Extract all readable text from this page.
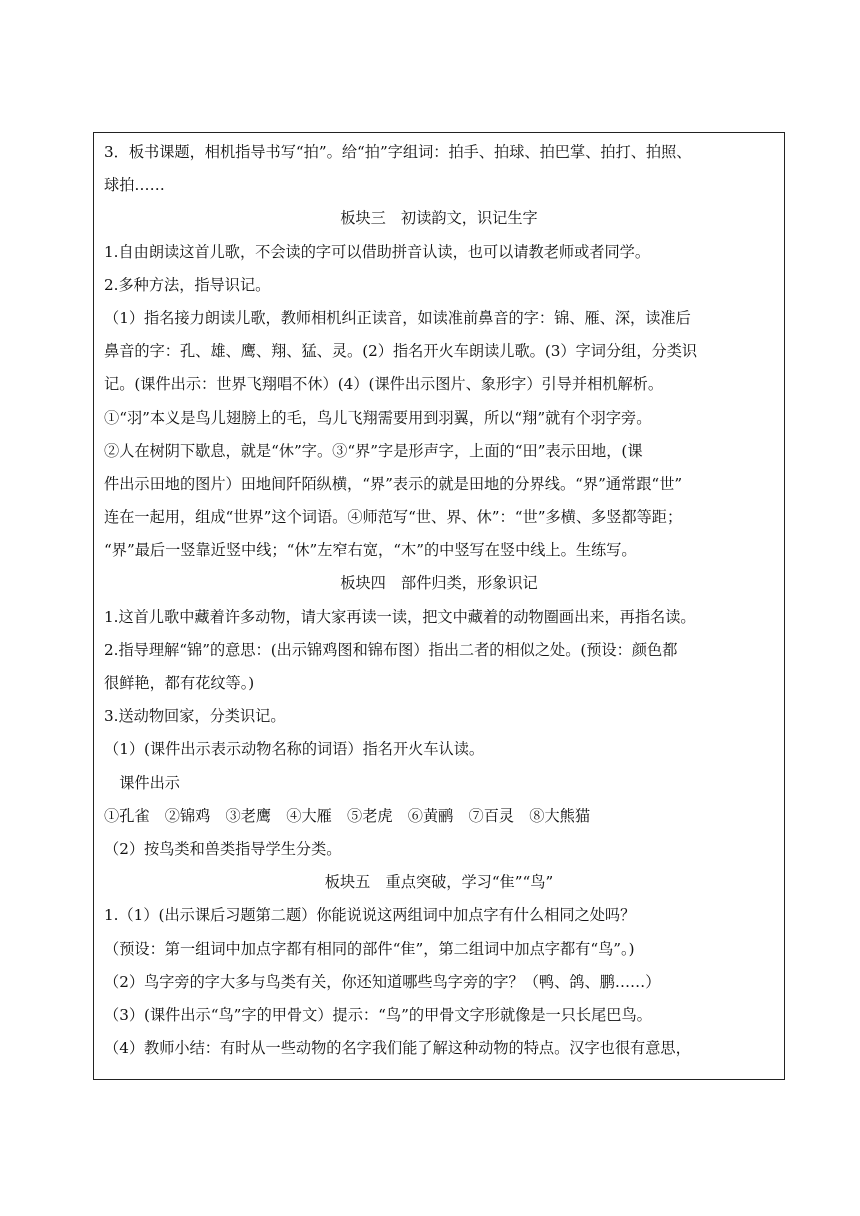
3．板书课题，相机指导书写“拍”。给“拍”字组词：拍手、拍球、拍巴掌、拍打、拍照、
球拍……
板块三　初读韵文，识记生字
1.自由朗读这首儿歌，不会读的字可以借助拼音认读，也可以请教老师或者同学。
2.多种方法，指导识记。
（1）指名接力朗读儿歌，教师相机纠正读音，如读准前鼻音的字：锦、雁、深，读准后
鼻音的字：孔、雄、鹰、翔、猛、灵。(2）指名开火车朗读儿歌。(3）字词分组，分类识
记。(课件出示：世界飞翔唱不休）(4）(课件出示图片、象形字）引导并相机解析。
①“羽”本义是鸟儿翅膀上的毛，鸟儿飞翔需要用到羽翼，所以“翔”就有个羽字旁。
②人在树阴下歇息，就是“休”字。③“界”字是形声字，上面的“田”表示田地，(课
件出示田地的图片）田地间阡陌纵横，“界”表示的就是田地的分界线。“界”通常跟“世”
连在一起用，组成“世界”这个词语。④师范写“世、界、休”：“世”多横、多竖都等距；
“界”最后一竖靠近竖中线；“休”左窄右宽，“木”的中竖写在竖中线上。生练写。
板块四　部件归类，形象识记
1.这首儿歌中藏着许多动物，请大家再读一读，把文中藏着的动物圈画出来，再指名读。
2.指导理解“锦”的意思：(出示锦鸡图和锦布图）指出二者的相似之处。(预设：颜色都
很鲜艳，都有花纹等。)
3.送动物回家，分类识记。
（1）(课件出示表示动物名称的词语）指名开火车认读。
　课件出示
①孔雀　②锦鸡　③老鹰　④大雁　⑤老虎　⑥黄鹂　⑦百灵　⑧大熊猫
（2）按鸟类和兽类指导学生分类。
板块五　重点突破，学习“隹”“鸟”
1.（1）(出示课后习题第二题）你能说说这两组词中加点字有什么相同之处吗？
（预设：第一组词中加点字都有相同的部件“隹”，第二组词中加点字都有“鸟”。)
（2）鸟字旁的字大多与鸟类有关，你还知道哪些鸟字旁的字？（鸭、鸽、鹏……）
（3）(课件出示“鸟”字的甲骨文）提示：“鸟”的甲骨文字形就像是一只长尾巴鸟。
（4）教师小结：有时从一些动物的名字我们能了解这种动物的特点。汉字也很有意思，
